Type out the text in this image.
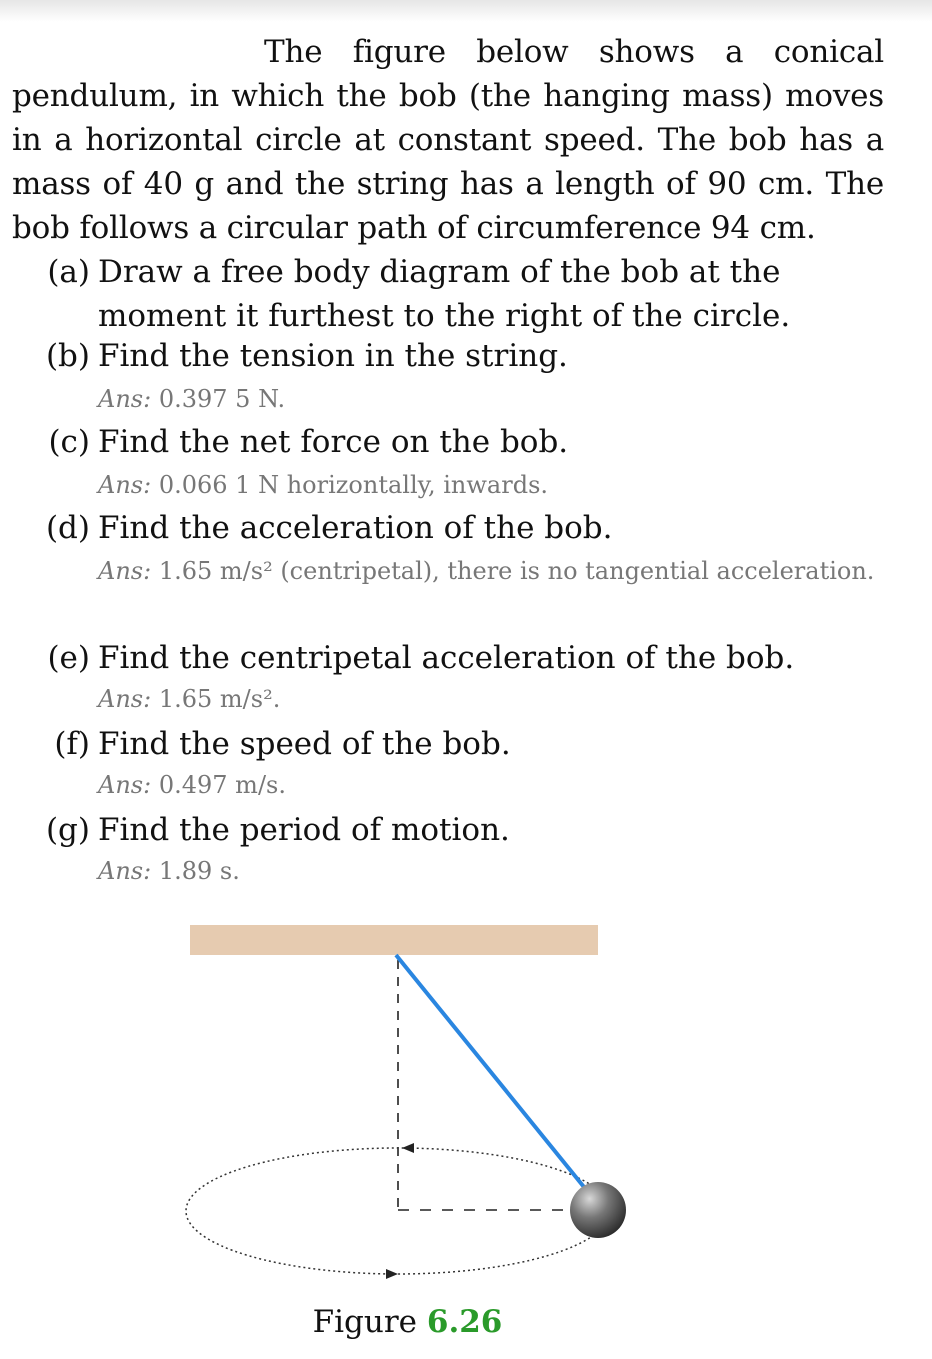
The figure below shows a conical pendulum, in which the bob (the hanging mass) moves in a horizontal circle at constant speed. The bob has a mass of 40 g and the string has a length of 90 cm. The bob follows a circular path of circumference 94 cm.
(a) Draw a free body diagram of the bob at the moment it furthest to the right of the circle.
(b) Find the tension in the string.
Ans: 0.397 5 N.
(c) Find the net force on the bob.
Ans: 0.066 1 N horizontally, inwards.
(d) Find the acceleration of the bob.
Ans: 1.65 m/s² (centripetal), there is no tangential acceleration.
(e) Find the centripetal acceleration of the bob.
Ans: 1.65 m/s².
(f) Find the speed of the bob.
Ans: 0.497 m/s.
(g) Find the period of motion.
Ans: 1.89 s.
Figure 6.26
